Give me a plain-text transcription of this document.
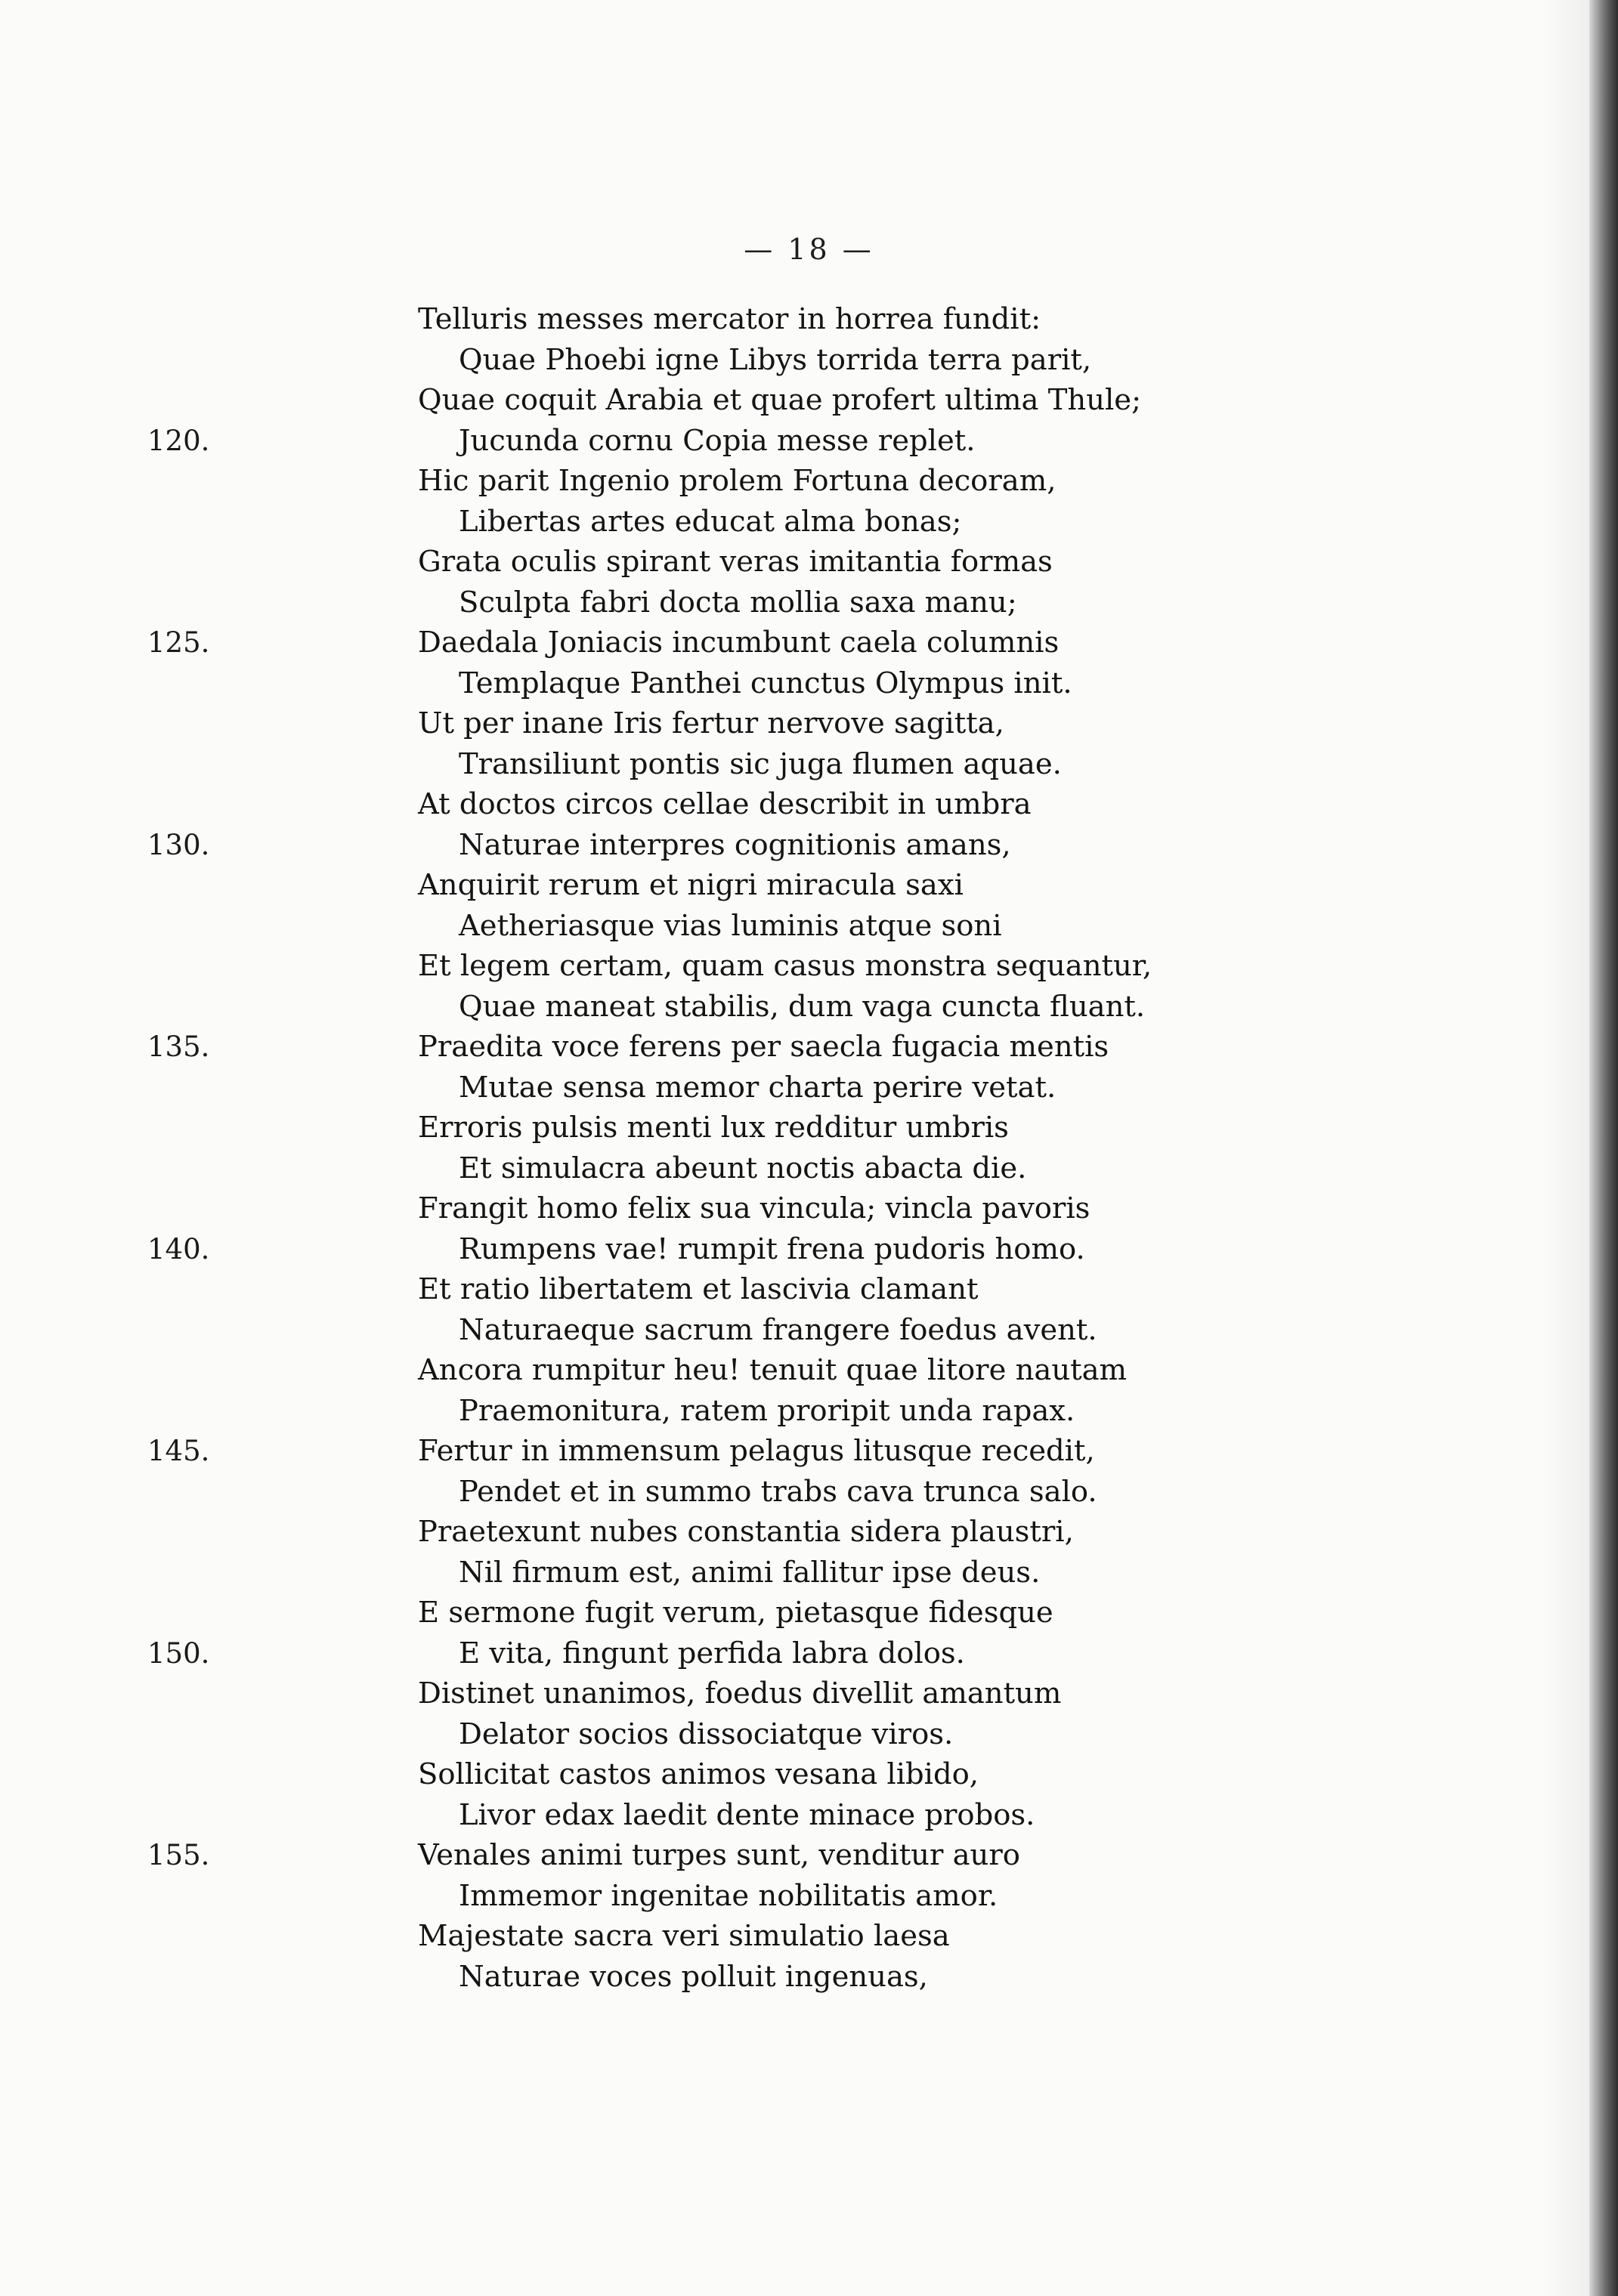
— 18 —
Telluris messes mercator in horrea fundit:
Quae Phoebi igne Libys torrida terra parit,
Quae coquit Arabia et quae profert ultima Thule;
120.	Jucunda cornu Copia messe replet.
Hic parit Ingenio prolem Fortuna decoram,
Libertas artes educat alma bonas;
Grata oculis spirant veras imitantia formas
Sculpta fabri docta mollia saxa manu;
125.	Daedala Joniacis incumbunt caela columnis
Templaque Panthei cunctus Olympus init.
Ut per inane Iris fertur nervove sagitta,
Transiliunt pontis sic juga flumen aquae.
At doctos circos cellae describit in umbra
130.	Naturae interpres cognitionis amans,
Anquirit rerum et nigri miracula saxi
Aetheriasque vias luminis atque soni
Et legem certam, quam casus monstra sequantur,
Quae maneat stabilis, dum vaga cuncta fluant.
135.	Praedita voce ferens per saecla fugacia mentis
Mutae sensa memor charta perire vetat.
Erroris pulsis menti lux redditur umbris
Et simulacra abeunt noctis abacta die.
Frangit homo felix sua vincula; vincla pavoris
140.	Rumpens vae! rumpit frena pudoris homo.
Et ratio libertatem et lascivia clamant
Naturaeque sacrum frangere foedus avent.
Ancora rumpitur heu! tenuit quae litore nautam
Praemonitura, ratem proripit unda rapax.
145.	Fertur in immensum pelagus litusque recedit,
Pendet et in summo trabs cava trunca salo.
Praetexunt nubes constantia sidera plaustri,
Nil firmum est, animi fallitur ipse deus.
E sermone fugit verum, pietasque fidesque
150.	E vita, fingunt perfida labra dolos.
Distinet unanimos, foedus divellit amantum
Delator socios dissociatque viros.
Sollicitat castos animos vesana libido,
Livor edax laedit dente minace probos.
155.	Venales animi turpes sunt, venditur auro
Immemor ingenitae nobilitatis amor.
Majestate sacra veri simulatio laesa
Naturae voces polluit ingenuas,
